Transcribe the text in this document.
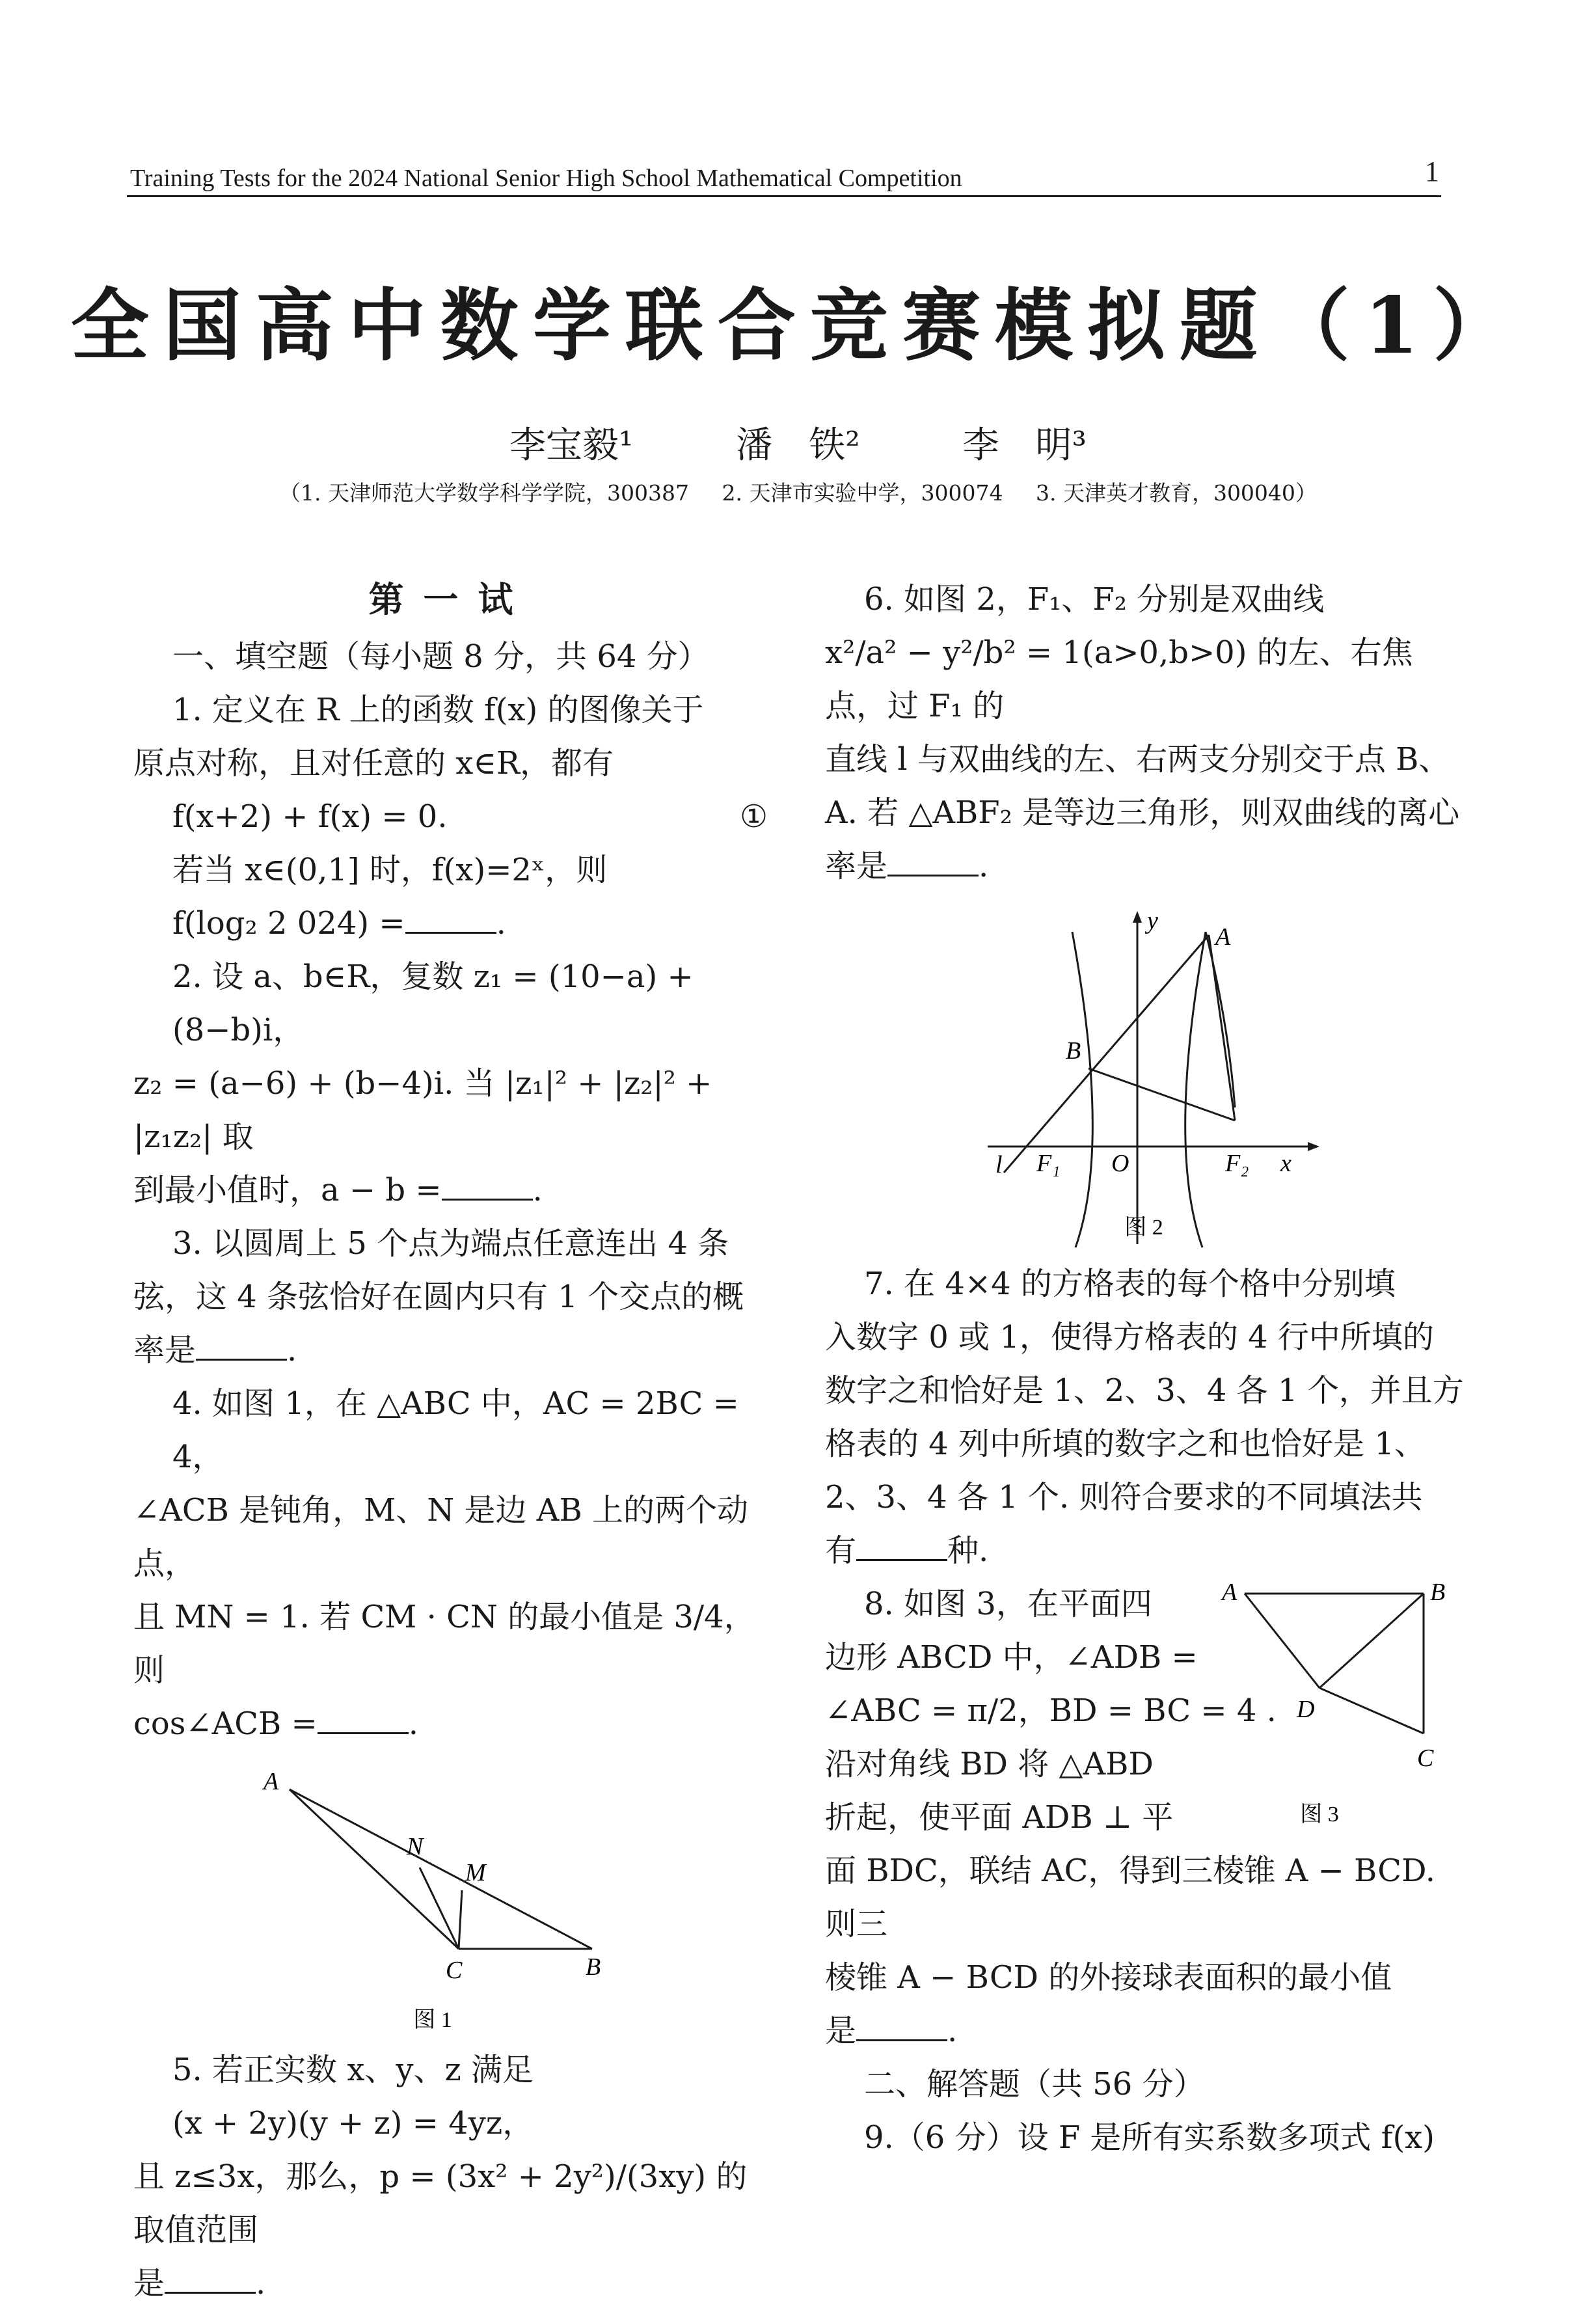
Training Tests for the 2024 National Senior High School Mathematical Competition	1
全国高中数学联合竞赛模拟题（1）
李宝毅¹	潘　铁²	李　明³
（1. 天津师范大学数学科学学院，300387 2. 天津市实验中学，300074 3. 天津英才教育，300040）
第一试

一、填空题（每小题 8 分，共 64 分）

1. 定义在 R 上的函数 f(x) 的图像关于

原点对称，且对任意的 x∈R，都有

f(x+2) + f(x) = 0.	①

若当 x∈(0,1] 时，f(x)=2ˣ，则

f(log₂ 2 024) =	.

2. 设 a、b∈R，复数 z₁ = (10−a) + (8−b)i，

z₂ = (a−6) + (b−4)i. 当 |z₁|² + |z₂|² + |z₁z₂| 取

到最小值时，a − b =	.

3. 以圆周上 5 个点为端点任意连出 4 条

弦，这 4 条弦恰好在圆内只有 1 个交点的概

率是	.

4. 如图 1，在 △ABC 中，AC = 2BC = 4，

∠ACB 是钝角，M、N 是边 AB 上的两个动点，

且 MN = 1. 若 CM · CN 的最小值是 3/4，则

cos∠ACB =	.

A
N
M
C	B
图 1

5. 若正实数 x、y、z 满足

(x + 2y)(y + z) = 4yz，

且 z≤3x，那么，p = (3x² + 2y²)/(3xy) 的取值范围

是	.

6. 如图 2，F₁、F₂ 分别是双曲线

x²/a² − y²/b² = 1(a>0,b>0) 的左、右焦点，过 F₁ 的

直线 l 与双曲线的左、右两支分别交于点 B、

A. 若 △ABF₂ 是等边三角形，则双曲线的离心

率是	.

y
A
B
l F₁ O	F₂ x
图 2

7. 在 4×4 的方格表的每个格中分别填

入数字 0 或 1，使得方格表的 4 行中所填的

数字之和恰好是 1、2、3、4 各 1 个，并且方

格表的 4 列中所填的数字之和也恰好是 1、

2、3、4 各 1 个. 则符合要求的不同填法共

有	种.

A	B
D
C
图 3

8. 如图 3，在平面四

边形 ABCD 中，∠ADB =

∠ABC = π/2，BD = BC = 4 .

沿对角线 BD 将 △ABD

折起，使平面 ADB ⊥ 平

面 BDC，联结 AC，得到三棱锥 A − BCD. 则三

棱锥 A − BCD 的外接球表面积的最小值

是	.

二、解答题（共 56 分）

9.（6 分）设 F 是所有实系数多项式 f(x)
